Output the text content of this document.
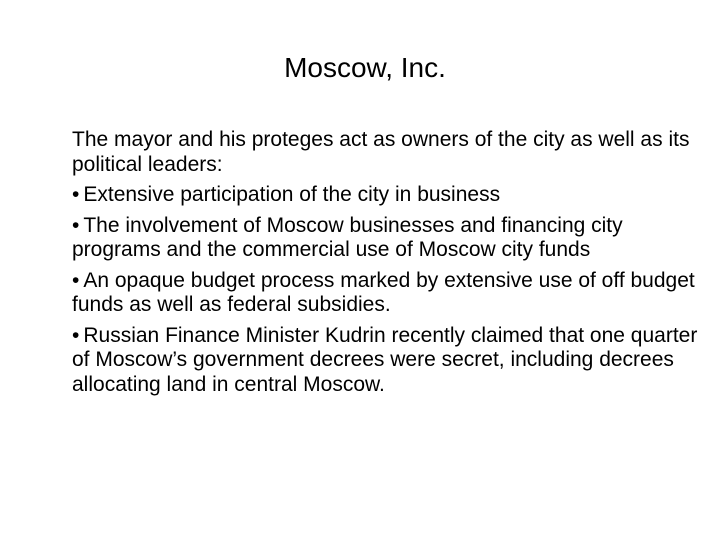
Moscow, Inc.

The mayor and his proteges act as owners of the city as well as its political leaders:

• Extensive participation of the city in business

• The involvement of Moscow businesses and financing city programs and the commercial use of Moscow city funds

• An opaque budget process marked by extensive use of off budget funds as well as federal subsidies.

• Russian Finance Minister Kudrin recently claimed that one quarter of Moscow’s government decrees were secret, including decrees allocating land in central Moscow.
